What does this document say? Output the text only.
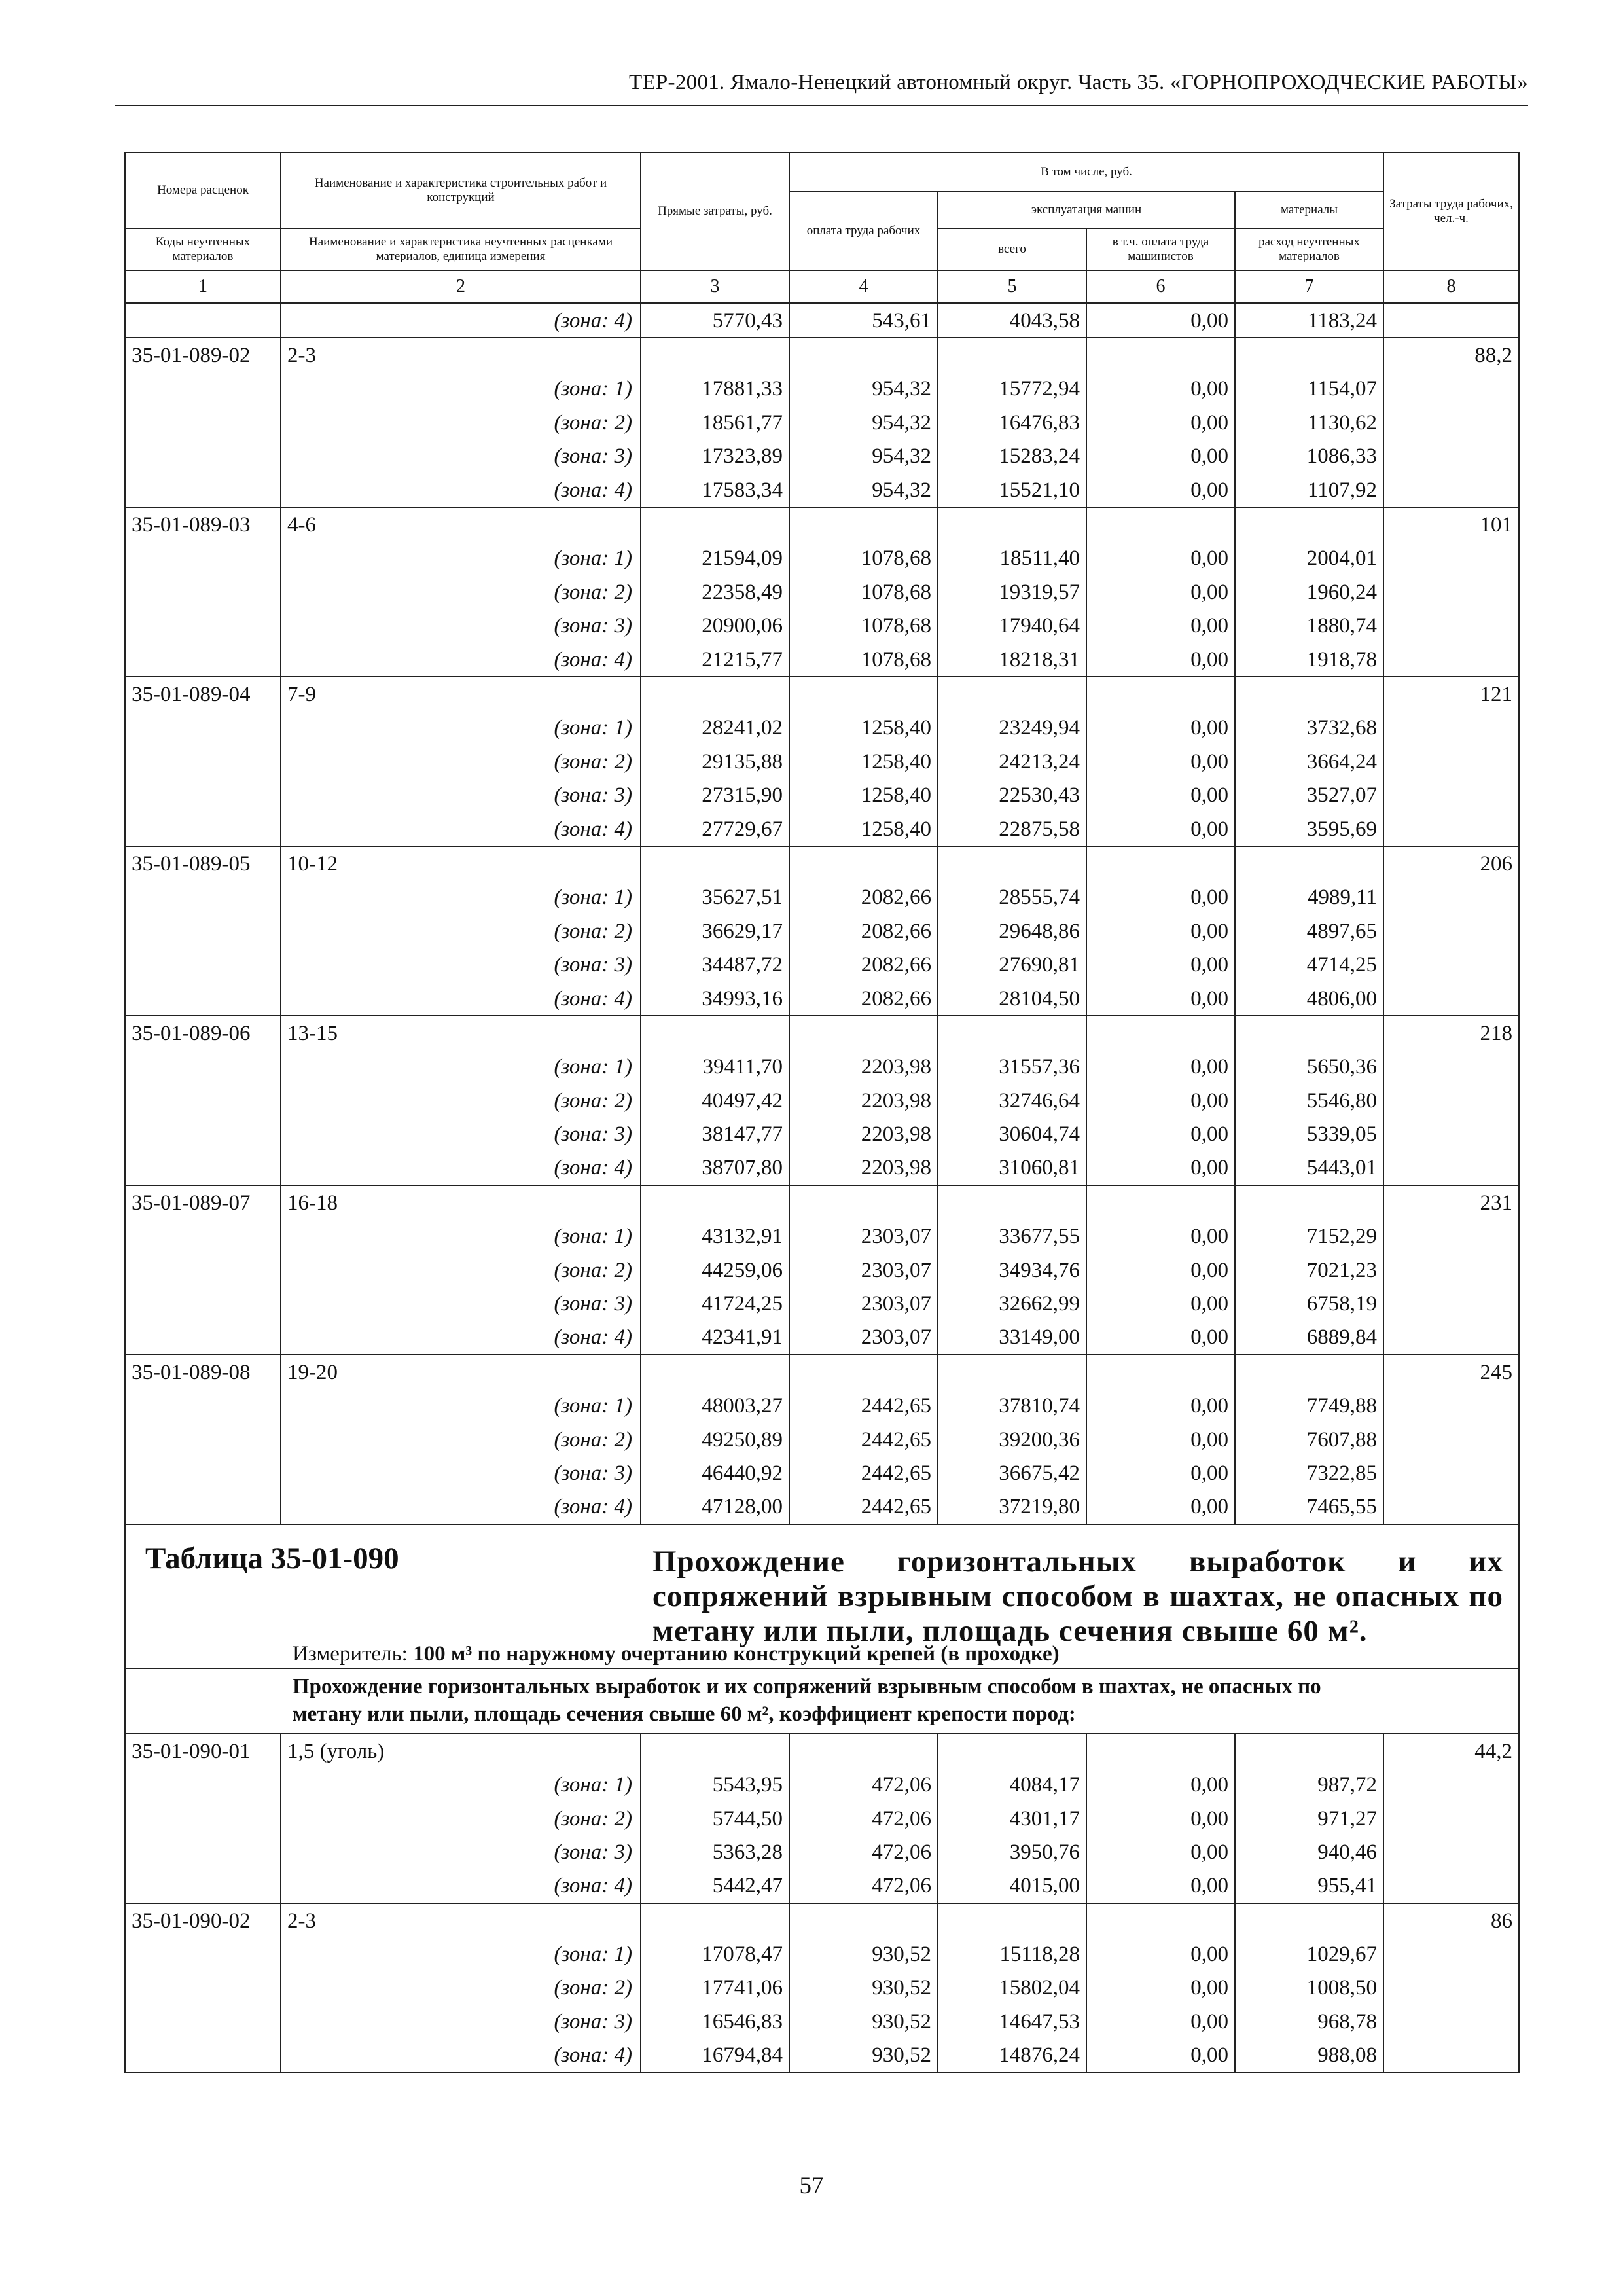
ТЕР-2001. Ямало-Ненецкий автономный округ. Часть 35. «ГОРНОПРОХОДЧЕСКИЕ РАБОТЫ»
Номера расценок	Наименование и характеристика строительных работ и конструкций	Прямые затраты, руб.	В том числе, руб.				Затраты труда рабочих, чел.-ч.
			оплата труда рабочих	эксплуатация машин		материалы	
Коды неучтенных материалов	Наименование и характеристика неучтенных расценками материалов, единица измерения			всего	в т.ч. оплата труда машинистов	расход неучтенных материалов	
1	2	3	4	5	6	7	8
	(зона: 4)	5770,43	543,61	4043,58	0,00	1183,24	
35-01-089-02	2-3						88,2
	(зона: 1)	17881,33	954,32	15772,94	0,00	1154,07	
	(зона: 2)	18561,77	954,32	16476,83	0,00	1130,62	
	(зона: 3)	17323,89	954,32	15283,24	0,00	1086,33	
	(зона: 4)	17583,34	954,32	15521,10	0,00	1107,92	
35-01-089-03	4-6						101
	(зона: 1)	21594,09	1078,68	18511,40	0,00	2004,01	
	(зона: 2)	22358,49	1078,68	19319,57	0,00	1960,24	
	(зона: 3)	20900,06	1078,68	17940,64	0,00	1880,74	
	(зона: 4)	21215,77	1078,68	18218,31	0,00	1918,78	
35-01-089-04	7-9						121
	(зона: 1)	28241,02	1258,40	23249,94	0,00	3732,68	
	(зона: 2)	29135,88	1258,40	24213,24	0,00	3664,24	
	(зона: 3)	27315,90	1258,40	22530,43	0,00	3527,07	
	(зона: 4)	27729,67	1258,40	22875,58	0,00	3595,69	
35-01-089-05	10-12						206
	(зона: 1)	35627,51	2082,66	28555,74	0,00	4989,11	
	(зона: 2)	36629,17	2082,66	29648,86	0,00	4897,65	
	(зона: 3)	34487,72	2082,66	27690,81	0,00	4714,25	
	(зона: 4)	34993,16	2082,66	28104,50	0,00	4806,00	
35-01-089-06	13-15						218
	(зона: 1)	39411,70	2203,98	31557,36	0,00	5650,36	
	(зона: 2)	40497,42	2203,98	32746,64	0,00	5546,80	
	(зона: 3)	38147,77	2203,98	30604,74	0,00	5339,05	
	(зона: 4)	38707,80	2203,98	31060,81	0,00	5443,01	
35-01-089-07	16-18						231
	(зона: 1)	43132,91	2303,07	33677,55	0,00	7152,29	
	(зона: 2)	44259,06	2303,07	34934,76	0,00	7021,23	
	(зона: 3)	41724,25	2303,07	32662,99	0,00	6758,19	
	(зона: 4)	42341,91	2303,07	33149,00	0,00	6889,84	
35-01-089-08	19-20						245
	(зона: 1)	48003,27	2442,65	37810,74	0,00	7749,88	
	(зона: 2)	49250,89	2442,65	39200,36	0,00	7607,88	
	(зона: 3)	46440,92	2442,65	36675,42	0,00	7322,85	
	(зона: 4)	47128,00	2442,65	37219,80	0,00	7465,55	

Таблица 35-01-090 Прохождение горизонтальных выработок и их сопряжений взрывным способом в шахтах, не опасных по метану или пыли, площадь сечения свыше 60 м².
Измеритель: 100 м³ по наружному очертанию конструкций крепей (в проходке)							

Прохождение горизонтальных выработок и их сопряжений взрывным способом в шахтах, не опасных по метану или пыли, площадь сечения свыше 60 м², коэффициент крепости пород:							

35-01-090-01	1,5 (уголь)						44,2
	(зона: 1)	5543,95	472,06	4084,17	0,00	987,72	
	(зона: 2)	5744,50	472,06	4301,17	0,00	971,27	
	(зона: 3)	5363,28	472,06	3950,76	0,00	940,46	
	(зона: 4)	5442,47	472,06	4015,00	0,00	955,41	
35-01-090-02	2-3						86
	(зона: 1)	17078,47	930,52	15118,28	0,00	1029,67	
	(зона: 2)	17741,06	930,52	15802,04	0,00	1008,50	
	(зона: 3)	16546,83	930,52	14647,53	0,00	968,78	
	(зона: 4)	16794,84	930,52	14876,24	0,00	988,08	
57
